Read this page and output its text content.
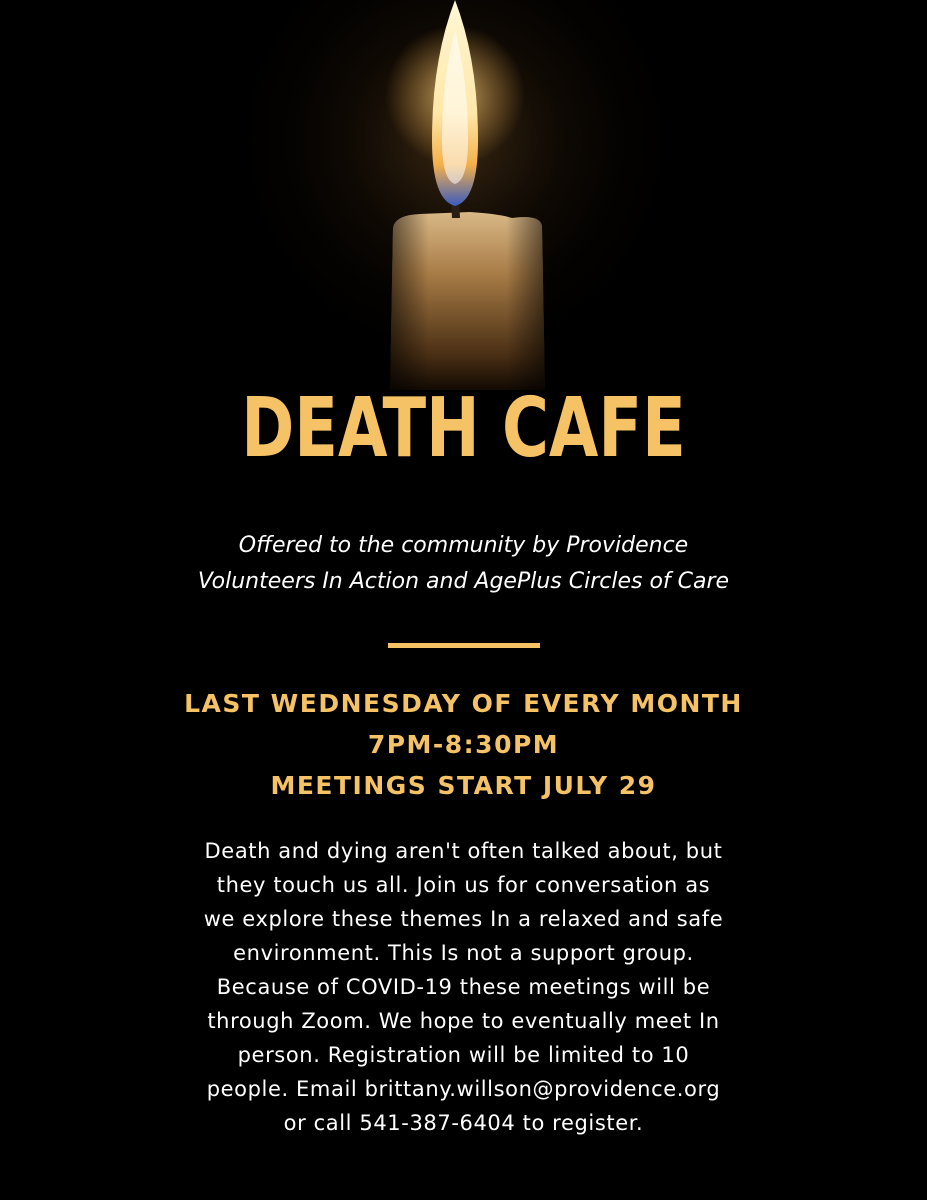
DEATH CAFE
Offered to the community by Providence
Volunteers In Action and AgePlus Circles of Care
LAST WEDNESDAY OF EVERY MONTH
7PM-8:30PM
MEETINGS START JULY 29
Death and dying aren't often talked about, but
they touch us all. Join us for conversation as
we explore these themes In a relaxed and safe
environment. This Is not a support group.
Because of COVID-19 these meetings will be
through Zoom. We hope to eventually meet In
person. Registration will be limited to 10
people. Email brittany.willson@providence.org
or call 541-387-6404 to register.
